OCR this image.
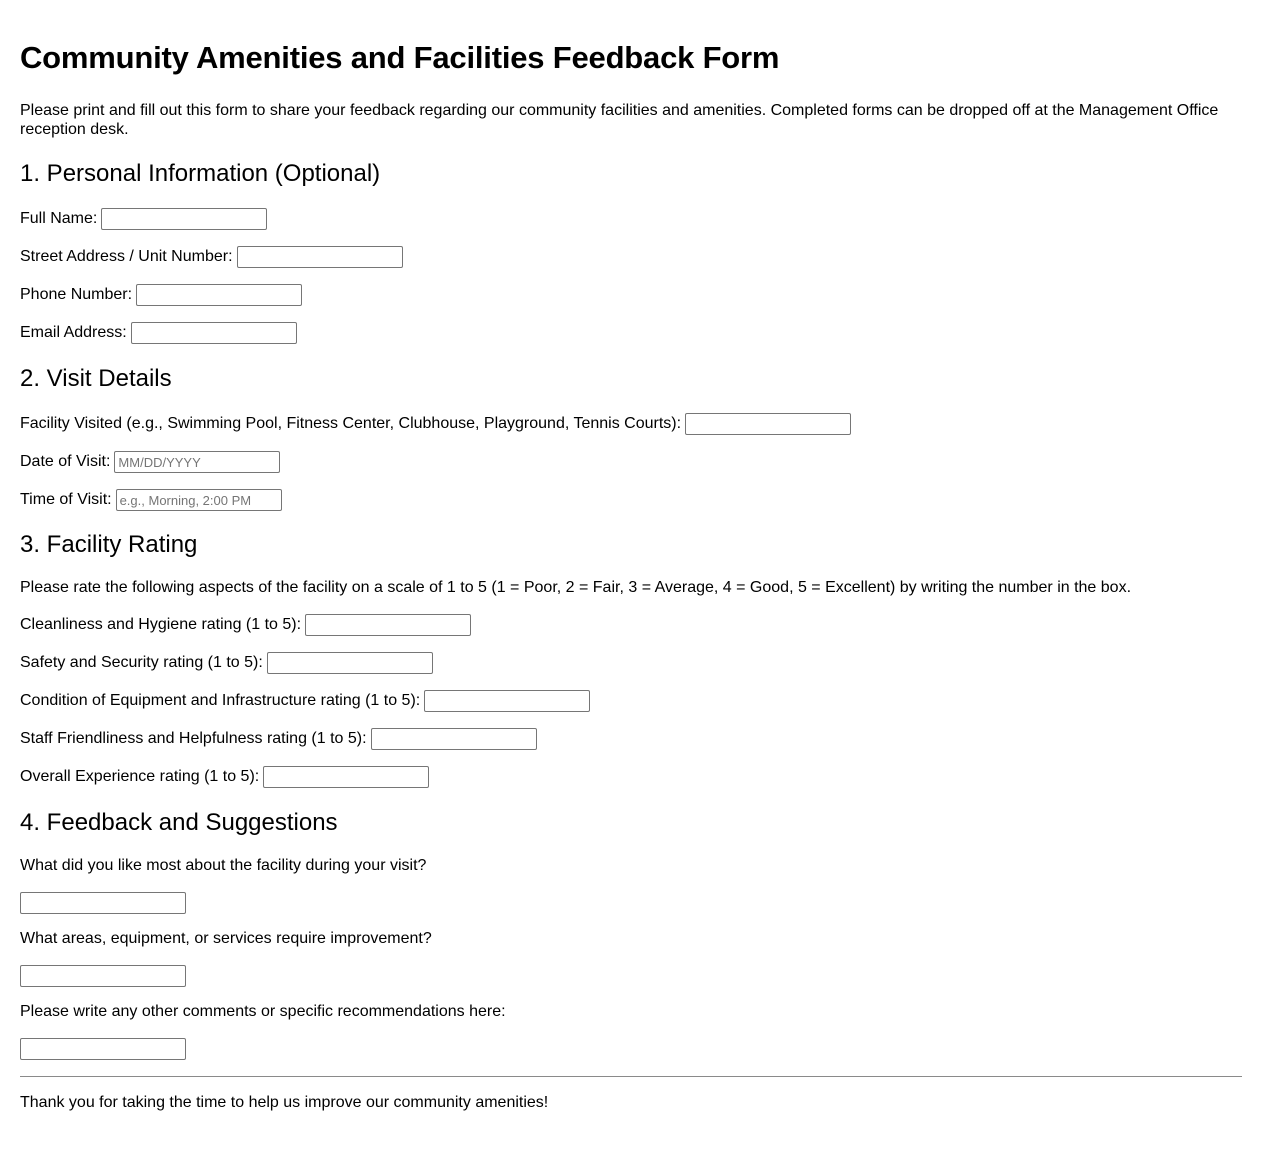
Community Amenities and Facilities Feedback Form

Please print and fill out this form to share your feedback regarding our community facilities and amenities. Completed forms can be dropped off at the Management Office reception desk.

1. Personal Information (Optional)
Full Name:
Street Address / Unit Number:
Phone Number:
Email Address:
2. Visit Details
Facility Visited (e.g., Swimming Pool, Fitness Center, Clubhouse, Playground, Tennis Courts):
Date of Visit:
MM/DD/YYYY
Time of Visit:
e.g., Morning, 2:00 PM
3. Facility Rating

Please rate the following aspects of the facility on a scale of 1 to 5 (1 = Poor, 2 = Fair, 3 = Average, 4 = Good, 5 = Excellent) by writing the number in the box.

Cleanliness and Hygiene rating (1 to 5):
Safety and Security rating (1 to 5):
Condition of Equipment and Infrastructure rating (1 to 5):
Staff Friendliness and Helpfulness rating (1 to 5):
Overall Experience rating (1 to 5):
4. Feedback and Suggestions

What did you like most about the facility during your visit?

What areas, equipment, or services require improvement?

Please write any other comments or specific recommendations here:

Thank you for taking the time to help us improve our community amenities!
